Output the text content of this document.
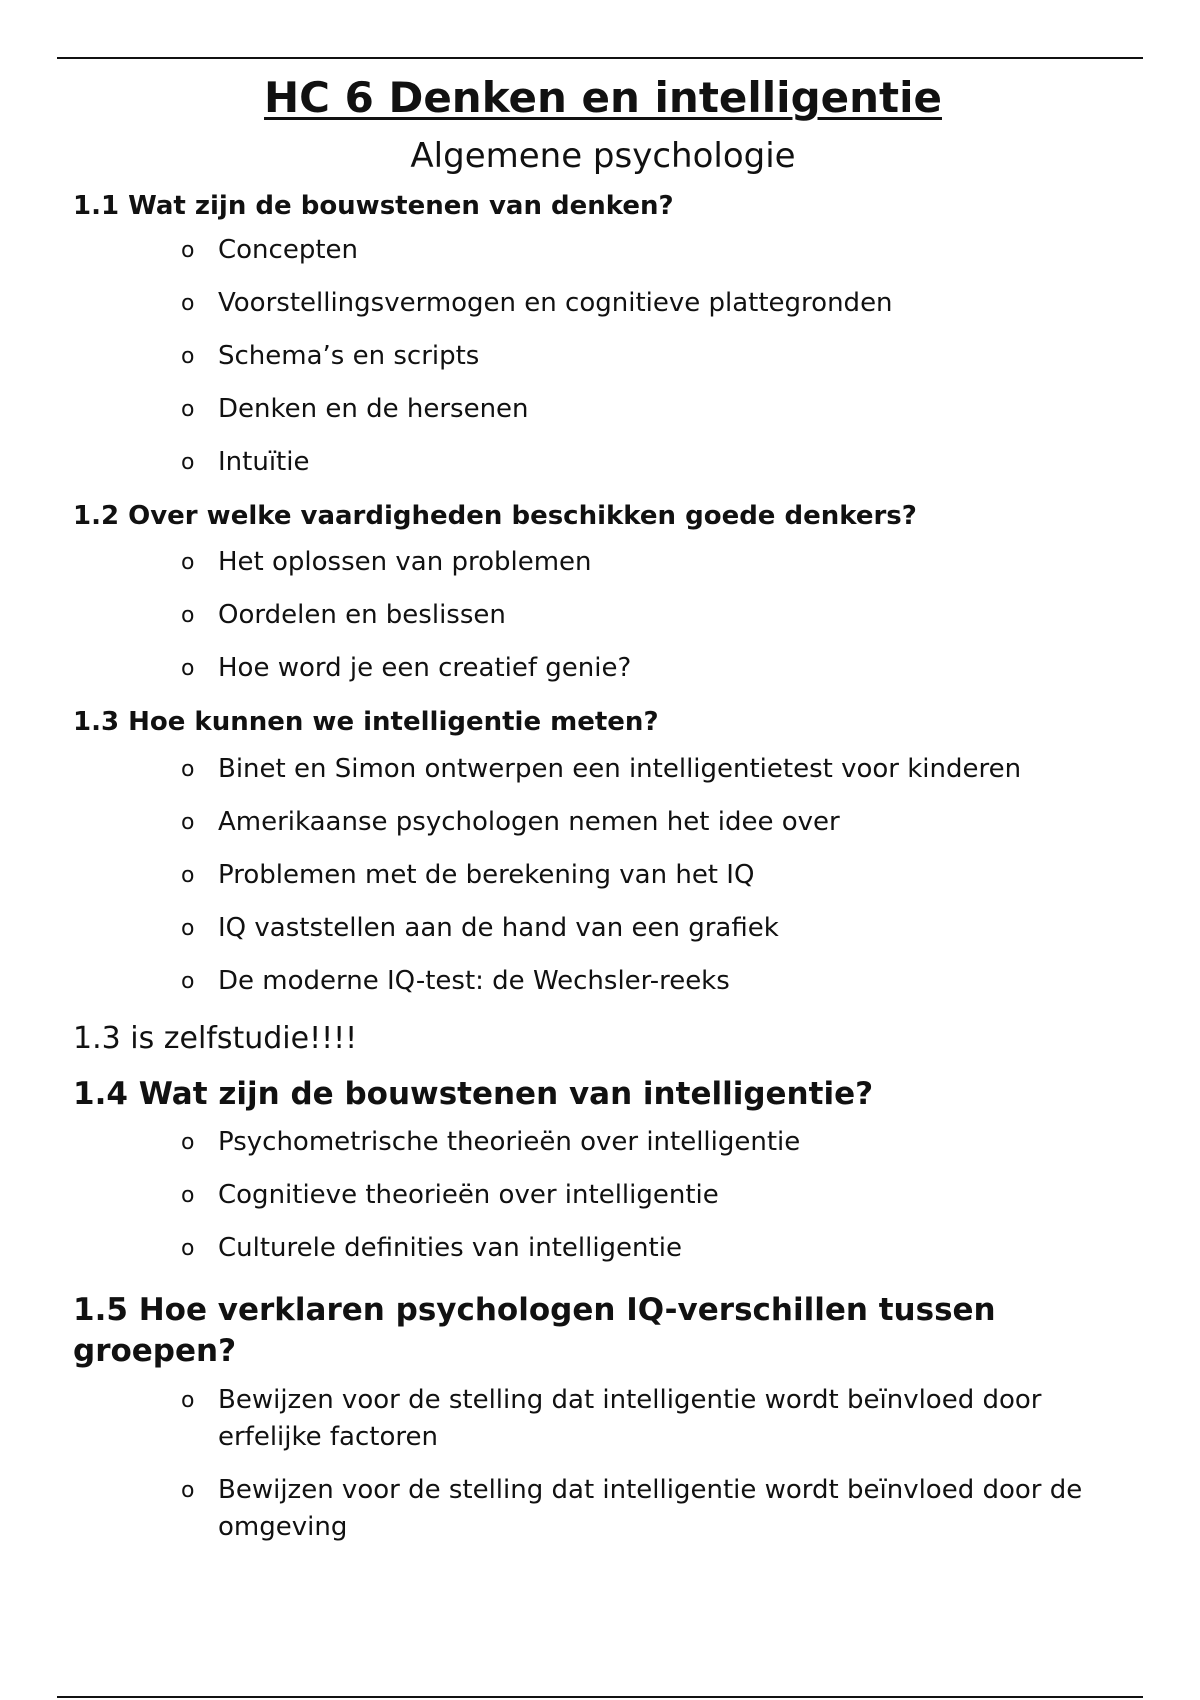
HC 6 Denken en intelligentie

Algemene psychologie

1.1 Wat zijn de bouwstenen van denken?
o Concepten
o Voorstellingsvermogen en cognitieve plattegronden
o Schema’s en scripts
o Denken en de hersenen
o Intuïtie
1.2 Over welke vaardigheden beschikken goede denkers?
o Het oplossen van problemen
o Oordelen en beslissen
o Hoe word je een creatief genie?
1.3 Hoe kunnen we intelligentie meten?
o Binet en Simon ontwerpen een intelligentietest voor kinderen
o Amerikaanse psychologen nemen het idee over
o Problemen met de berekening van het IQ
o IQ vaststellen aan de hand van een grafiek
o De moderne IQ-test: de Wechsler-reeks

1.3 is zelfstudie!!!!

1.4 Wat zijn de bouwstenen van intelligentie?
o Psychometrische theorieën over intelligentie
o Cognitieve theorieën over intelligentie
o Culturele definities van intelligentie
1.5 Hoe verklaren psychologen IQ-verschillen tussen groepen?
o Bewijzen voor de stelling dat intelligentie wordt beïnvloed door erfelijke factoren
o Bewijzen voor de stelling dat intelligentie wordt beïnvloed door de omgeving
